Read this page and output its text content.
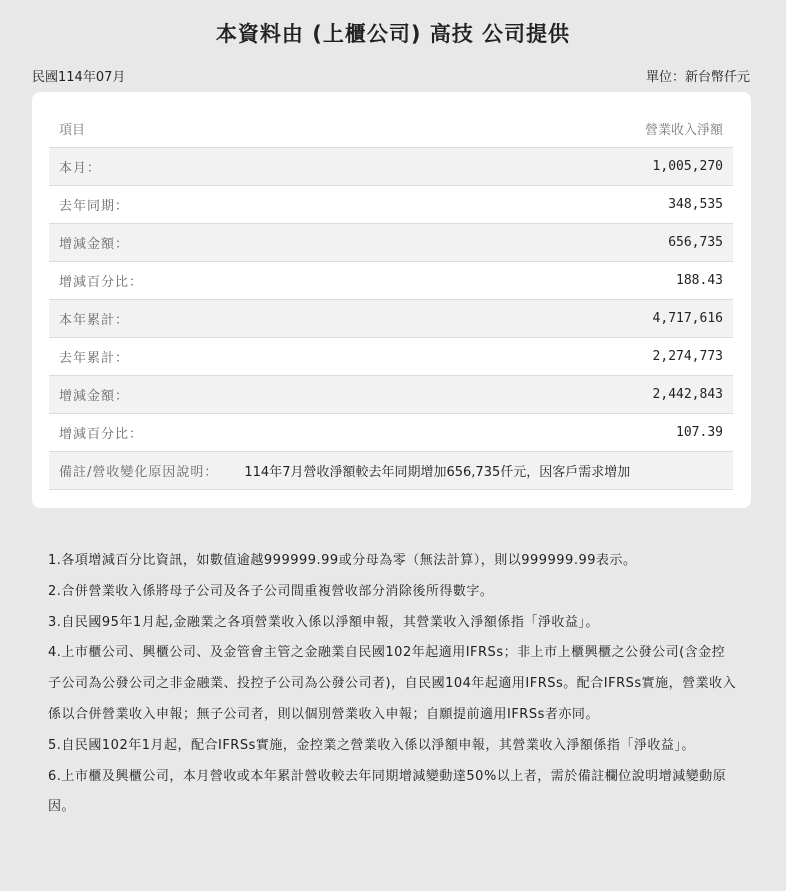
本資料由 (上櫃公司) 高技 公司提供
民國114年07月	單位：新台幣仟元
項目	營業收入淨額
本月：	1,005,270
去年同期：	348,535
增減金額：	656,735
增減百分比：	188.43
本年累計：	4,717,616
去年累計：	2,274,773
增減金額：	2,442,843
增減百分比：	107.39
備註/營收變化原因說明： 114年7月營收淨額較去年同期增加656,735仟元，因客戶需求增加	

1.各項增減百分比資訊，如數值逾越999999.99或分母為零（無法計算），則以999999.99表示。

2.合併營業收入係將母子公司及各子公司間重複營收部分消除後所得數字。

3.自民國95年1月起,金融業之各項營業收入係以淨額申報，其營業收入淨額係指「淨收益」。

4.上市櫃公司、興櫃公司、及金管會主管之金融業自民國102年起適用IFRSs；非上市上櫃興櫃之公發公司(含金控子公司為公發公司之非金融業、投控子公司為公發公司者)，自民國104年起適用IFRSs。配合IFRSs實施，營業收入係以合併營業收入申報；無子公司者，則以個別營業收入申報；自願提前適用IFRSs者亦同。

5.自民國102年1月起，配合IFRSs實施，金控業之營業收入係以淨額申報，其營業收入淨額係指「淨收益」。

6.上市櫃及興櫃公司，本月營收或本年累計營收較去年同期增減變動達50%以上者，需於備註欄位說明增減變動原因。
